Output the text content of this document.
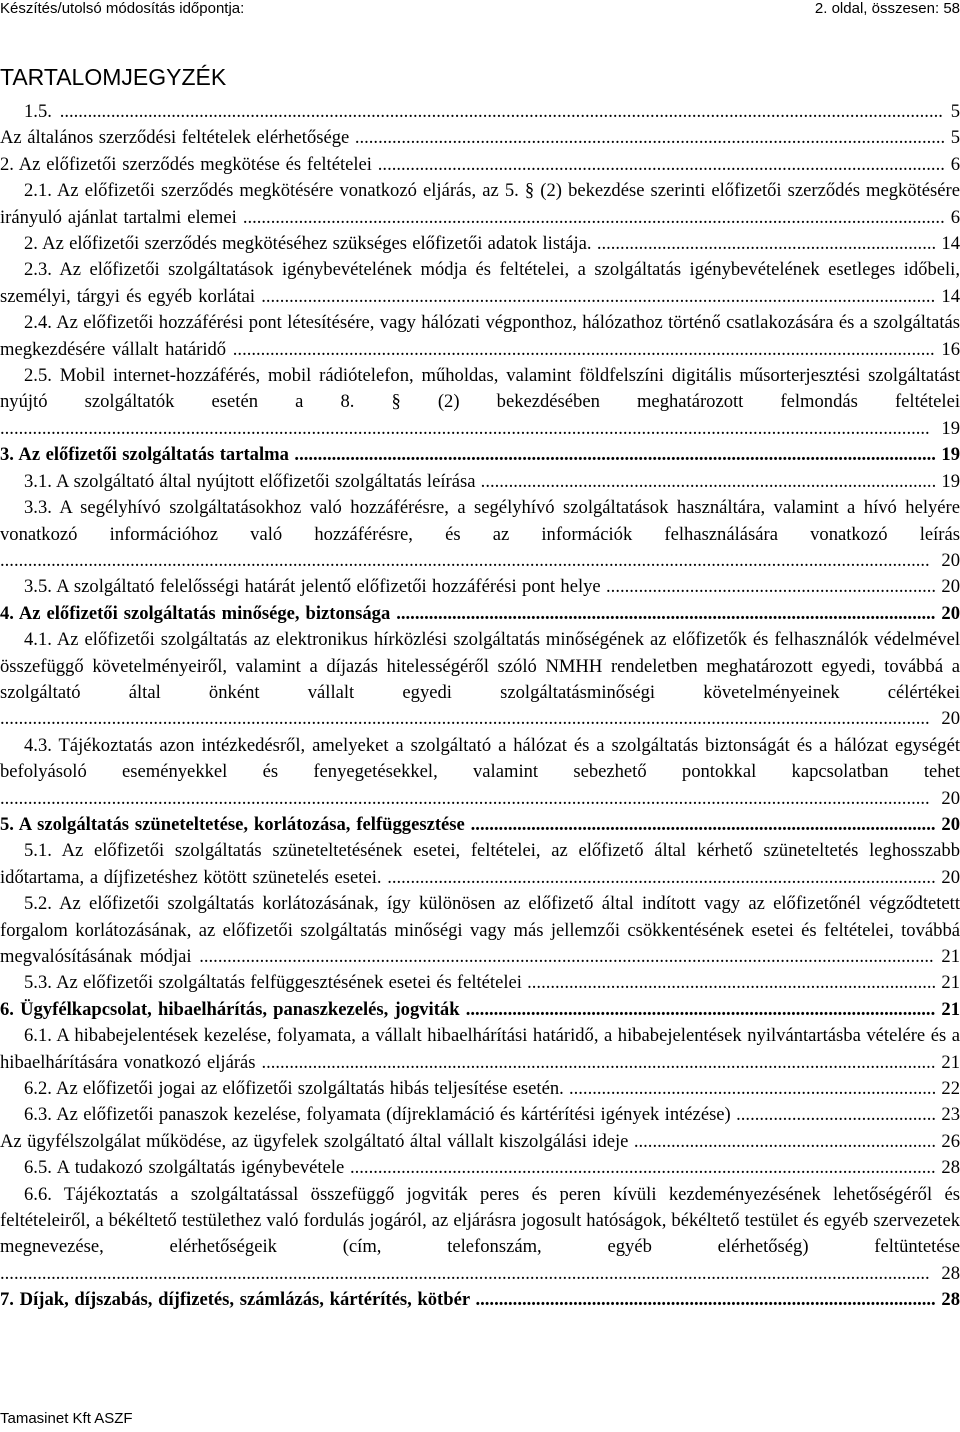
Készítés/utolsó módosítás időpontja:	2. oldal, összesen: 58
TARTALOMJEGYZÉK
1.5. .............................................................................................................................................................................................. 5
Az általános szerződési feltételek elérhetősége ............................................................................................................................... 5
2. Az előfizetői szerződés megkötése és feltételei .......................................................................................................................... 6
2.1. Az előfizetői szerződés megkötésére vonatkozó eljárás, az 5. § (2) bekezdése szerinti előfizetői szerződés megkötésére irányuló ajánlat tartalmi elemei ....................................................................................................................................................... 6
2. Az előfizetői szerződés megkötéséhez szükséges előfizetői adatok listája. ......................................................................... 14
2.3. Az előfizetői szolgáltatások igénybevételének módja és feltételei, a szolgáltatás igénybevételének esetleges időbeli, személyi, tárgyi és egyéb korlátai ................................................................................................................................................. 14
2.4. Az előfizetői hozzáférési pont létesítésére, vagy hálózati végponthoz, hálózathoz történő csatlakozására és a szolgáltatás megkezdésére vállalt határidő ....................................................................................................................................................... 16
2.5. Mobil internet-hozzáférés, mobil rádiótelefon, műholdas, valamint földfelszíni digitális műsorterjesztési szolgáltatást nyújtó szolgáltatók esetén a 8. § (2) bekezdésében meghatározott felmondás feltételei ........................................................................................................................................................................................................ 19
3. Az előfizetői szolgáltatás tartalma .......................................................................................................................................... 19
3.1. A szolgáltató által nyújtott előfizetői szolgáltatás leírása .................................................................................................. 19
3.3. A segélyhívó szolgáltatásokhoz való hozzáférésre, a segélyhívó szolgáltatások használtára, valamint a hívó helyére vonatkozó információhoz való hozzáférésre, és az információk felhasználására vonatkozó leírás ........................................................................................................................................................................................................ 20
3.5. A szolgáltató felelősségi határát jelentő előfizetői hozzáférési pont helye ....................................................................... 20
4. Az előfizetői szolgáltatás minősége, biztonsága .................................................................................................................... 20
4.1. Az előfizetői szolgáltatás az elektronikus hírközlési szolgáltatás minőségének az előfizetők és felhasználók védelmével összefüggő követelményeiről, valamint a díjazás hitelességéről szóló NMHH rendeletben meghatározott egyedi, továbbá a szolgáltató által önként vállalt egyedi szolgáltatásminőségi követelményeinek célértékei ........................................................................................................................................................................................................ 20
4.3. Tájékoztatás azon intézkedésről, amelyeket a szolgáltató a hálózat és a szolgáltatás biztonságát és a hálózat egységét befolyásoló eseményekkel és fenyegetésekkel, valamint sebezhető pontokkal kapcsolatban tehet ........................................................................................................................................................................................................ 20
5. A szolgáltatás szüneteltetése, korlátozása, felfüggesztése .................................................................................................... 20
5.1. Az előfizetői szolgáltatás szüneteltetésének esetei, feltételei, az előfizető által kérhető szüneteltetés leghosszabb időtartama, a díjfizetéshez kötött szünetelés esetei. ...................................................................................................................... 20
5.2. Az előfizetői szolgáltatás korlátozásának, így különösen az előfizető által indított vagy az előfizetőnél végződtetett forgalom korlátozásának, az előfizetői szolgáltatás minőségi vagy más jellemzői csökkentésének esetei és feltételei, továbbá megvalósításának módjai .............................................................................................................................................................. 21
5.3. Az előfizetői szolgáltatás felfüggesztésének esetei és feltételei ........................................................................................ 21
6. Ügyfélkapcsolat, hibaelhárítás, panaszkezelés, jogviták ..................................................................................................... 21
6.1. A hibabejelentések kezelése, folyamata, a vállalt hibaelhárítási határidő, a hibabejelentések nyilvántartásba vételére és a hibaelhárítására vonatkozó eljárás ................................................................................................................................................. 21
6.2. Az előfizetői jogai az előfizetői szolgáltatás hibás teljesítése esetén. ............................................................................... 22
6.3. Az előfizetői panaszok kezelése, folyamata (díjreklamáció és kártérítési igények intézése) ........................................... 23
Az ügyfélszolgálat működése, az ügyfelek szolgáltató által vállalt kiszolgálási ideje ................................................................. 26
6.5. A tudakozó szolgáltatás igénybevétele .............................................................................................................................. 28
6.6. Tájékoztatás a szolgáltatással összefüggő jogviták peres és peren kívüli kezdeményezésének lehetőségéről és feltételeiről, a békéltető testülethez való fordulás jogáról, az eljárásra jogosult hatóságok, békéltető testület és egyéb szervezetek megnevezése, elérhetőségeik (cím, telefonszám, egyéb elérhetőség) feltüntetése ........................................................................................................................................................................................................ 28
7. Díjak, díjszabás, díjfizetés, számlázás, kártérítés, kötbér ................................................................................................... 28
Tamasinet Kft ASZF
